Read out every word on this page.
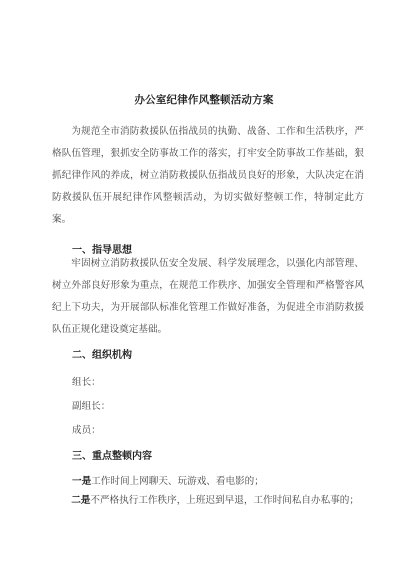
办公室纪律作风整顿活动方案
为规范全市消防救援队伍指战员的执勤、战备、工作和生活秩序，严格队伍管理，狠抓安全防事故工作的落实，打牢安全防事故工作基础，狠抓纪律作风的养成，树立消防救援队伍指战员良好的形象，大队决定在消防救援队伍开展纪律作风整顿活动，为切实做好整顿工作，特制定此方案。
一、指导思想
牢固树立消防救援队伍安全发展、科学发展理念，以强化内部管理、树立外部良好形象为重点，在规范工作秩序、加强安全管理和严格警容风纪上下功夫，为开展部队标准化管理工作做好准备，为促进全市消防救援队伍正规化建设奠定基础。
二、组织机构
组长：
副组长：
成员：
三、重点整顿内容
一是工作时间上网聊天、玩游戏、看电影的；
二是不严格执行工作秩序，上班迟到早退，工作时间私自办私事的；
